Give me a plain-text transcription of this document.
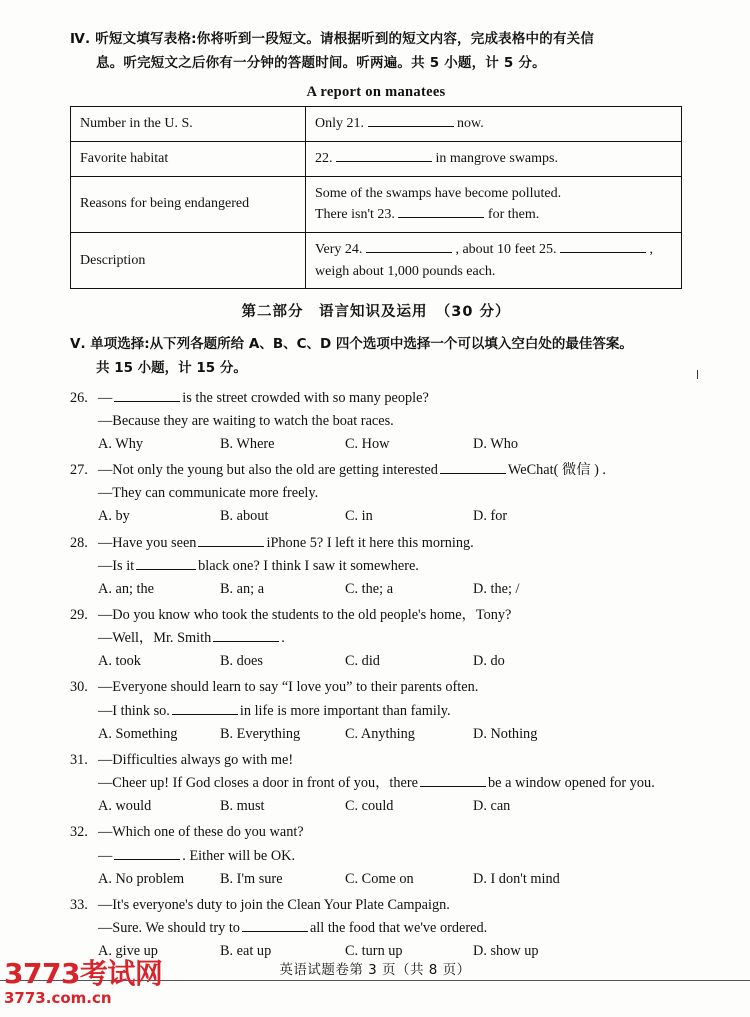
Ⅳ. 听短文填写表格:你将听到一段短文。请根据听到的短文内容，完成表格中的有关信
息。听完短文之后你有一分钟的答题时间。听两遍。共 5 小题，计 5 分。
A report on manatees
Number in the U. S.	Only 21. now.
Favorite habitat	22. in mangrove swamps.
Reasons for being endangered	Some of the swamps have become polluted.
There isn't 23. for them.

Description	Very 24. , about 10 feet 25. ,
weigh about 1,000 pounds each.
第二部分　语言知识及运用　（30 分）
Ⅴ. 单项选择:从下列各题所给 A、B、C、D 四个选项中选择一个可以填入空白处的最佳答案。
共 15 小题，计 15 分。
26. —	is the street crowded with so many people?
—Because they are waiting to watch the boat races.
A. Why	B. Where	C. How	D. Who
27. —Not only the young but also the old are getting interested	WeChat( 微信 ) .
—They can communicate more freely.
A. by	B. about	C. in	D. for
28. —Have you seen	iPhone 5? I left it here this morning.
—Is it	black one? I think I saw it somewhere.
A. an; the	B. an; a	C. the; a	D. the; /
29. —Do you know who took the students to the old people's home，Tony?
—Well，Mr. Smith	.
A. took	B. does	C. did	D. do
30. —Everyone should learn to say “I love you” to their parents often.
—I think so.	in life is more important than family.
A. Something	B. Everything	C. Anything	D. Nothing
31. —Difficulties always go with me!
—Cheer up! If God closes a door in front of you，there	be a window opened for you.
A. would	B. must	C. could	D. can
32. —Which one of these do you want?
—	. Either will be OK.
A. No problem	B. I'm sure	C. Come on	D. I don't mind
33. —It's everyone's duty to join the Clean Your Plate Campaign.
—Sure. We should try to	all the food that we've ordered.
A. give up	B. eat up	C. turn up	D. show up
英语试题卷第 3 页（共 8 页）
3773考试网
3773.com.cn
